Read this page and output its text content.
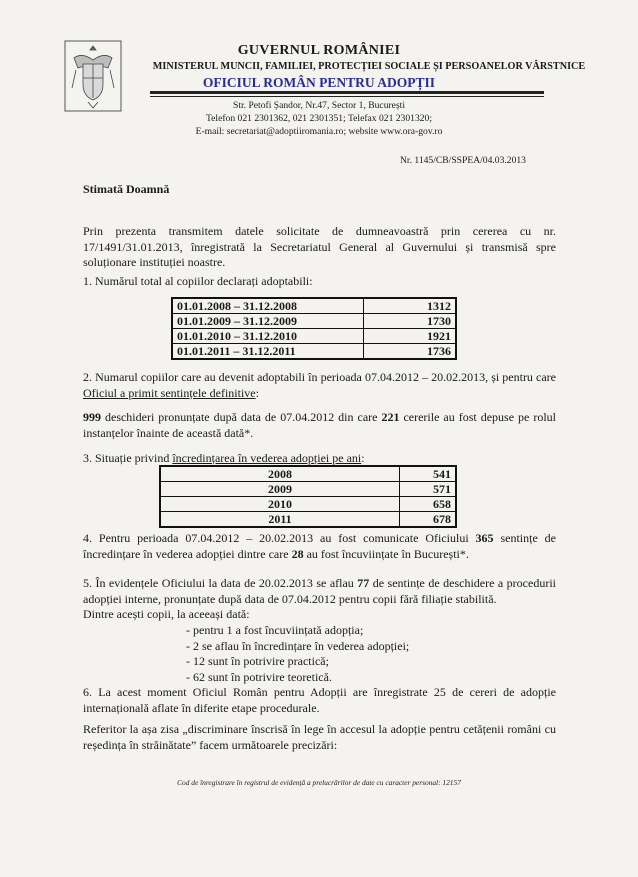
GUVERNUL ROMÂNIEI
MINISTERUL MUNCII, FAMILIEI, PROTECȚIEI SOCIALE ȘI PERSOANELOR VÂRSTNICE
OFICIUL ROMÂN PENTRU ADOPȚII
Str. Petofi Șandor, Nr.47, Sector 1, București
Telefon 021 2301362, 021 2301351; Telefax 021 2301320;
E-mail: secretariat@adoptiiromania.ro; website www.ora-gov.ro
Nr. 1145/CB/SSPEA/04.03.2013
Stimată Doamnă
Prin prezenta transmitem datele solicitate de dumneavoastră prin cererea cu nr. 17/1491/31.01.2013, înregistrată la Secretariatul General al Guvernului și transmisă spre soluționare instituției noastre.
1. Numărul total al copiilor declarați adoptabili:
01.01.2008 – 31.12.2008	1312
01.01.2009 – 31.12.2009	1730
01.01.2010 – 31.12.2010	1921
01.01.2011 – 31.12.2011	1736
2. Numarul copiilor care au devenit adoptabili în perioada 07.04.2012 – 20.02.2013, și pentru care Oficiul a primit sentințele definitive:
999 deschideri pronunțate după data de 07.04.2012 din care 221 cererile au fost depuse pe rolul instanțelor înainte de această dată*.
3. Situație privind încredințarea în vederea adopției pe ani:
2008	541
2009	571
2010	658
2011	678
4. Pentru perioada 07.04.2012 – 20.02.2013 au fost comunicate Oficiului 365 sentințe de încredințare în vederea adopției dintre care 28 au fost încuviințate în București*.
5. În evidențele Oficiului la data de 20.02.2013 se aflau 77 de sentințe de deschidere a procedurii adopției interne, pronunțate după data de 07.04.2012 pentru copii fără filiație stabilită.
Dintre acești copii, la aceeași dată:
- pentru 1 a fost încuviințată adopția;
- 2 se aflau în încredințare în vederea adopției;
- 12 sunt în potrivire practică;
- 62 sunt în potrivire teoretică.
6. La acest moment Oficiul Român pentru Adopții are înregistrate 25 de cereri de adopție internațională aflate în diferite etape procedurale.
Referitor la așa zisa „discriminare înscrisă în lege în accesul la adopție pentru cetățenii români cu reședința în străinătate” facem următoarele precizări:
Cod de înregistrare în registrul de evidență a prelucrărilor de date cu caracter personal: 12157
